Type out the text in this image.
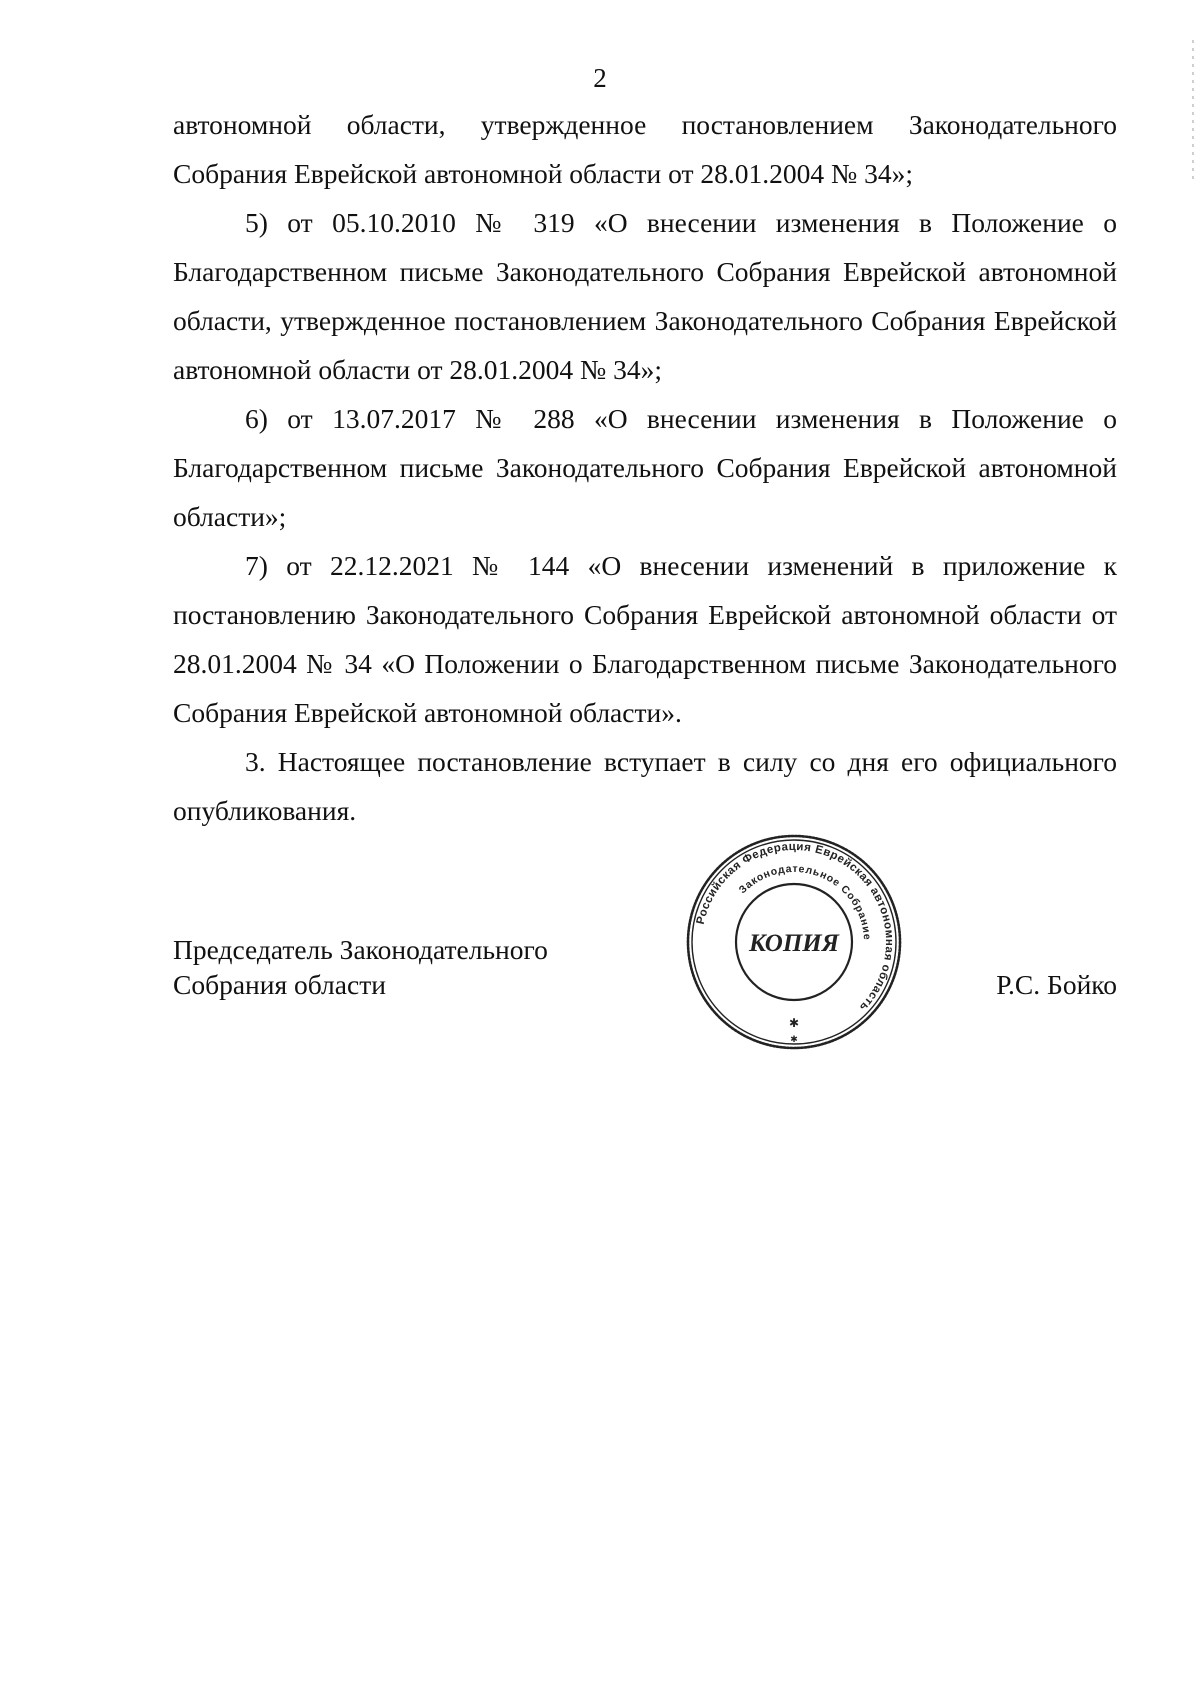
2

автономной области, утвержденное постановлением Законодательного Собрания Еврейской автономной области от 28.01.2004 № 34»;

5) от 05.10.2010 № 319 «О внесении изменения в Положение о Благодарственном письме Законодательного Собрания Еврейской автономной области, утвержденное постановлением Законодательного Собрания Еврейской автономной области от 28.01.2004 № 34»;

6) от 13.07.2017 № 288 «О внесении изменения в Положение о Благодарственном письме Законодательного Собрания Еврейской автономной области»;

7) от 22.12.2021 № 144 «О внесении изменений в приложение к постановлению Законодательного Собрания Еврейской автономной области от 28.01.2004 № 34 «О Положении о Благодарственном письме Законодательного Собрания Еврейской автономной области».

3. Настоящее постановление вступает в силу со дня его официального опубликования.

Председатель Законодательного
Собрания области	Р.С. Бойко
Российская Федерация Еврейская автономная область
Законодательное Собрание
КОПИЯ
✱
✱
